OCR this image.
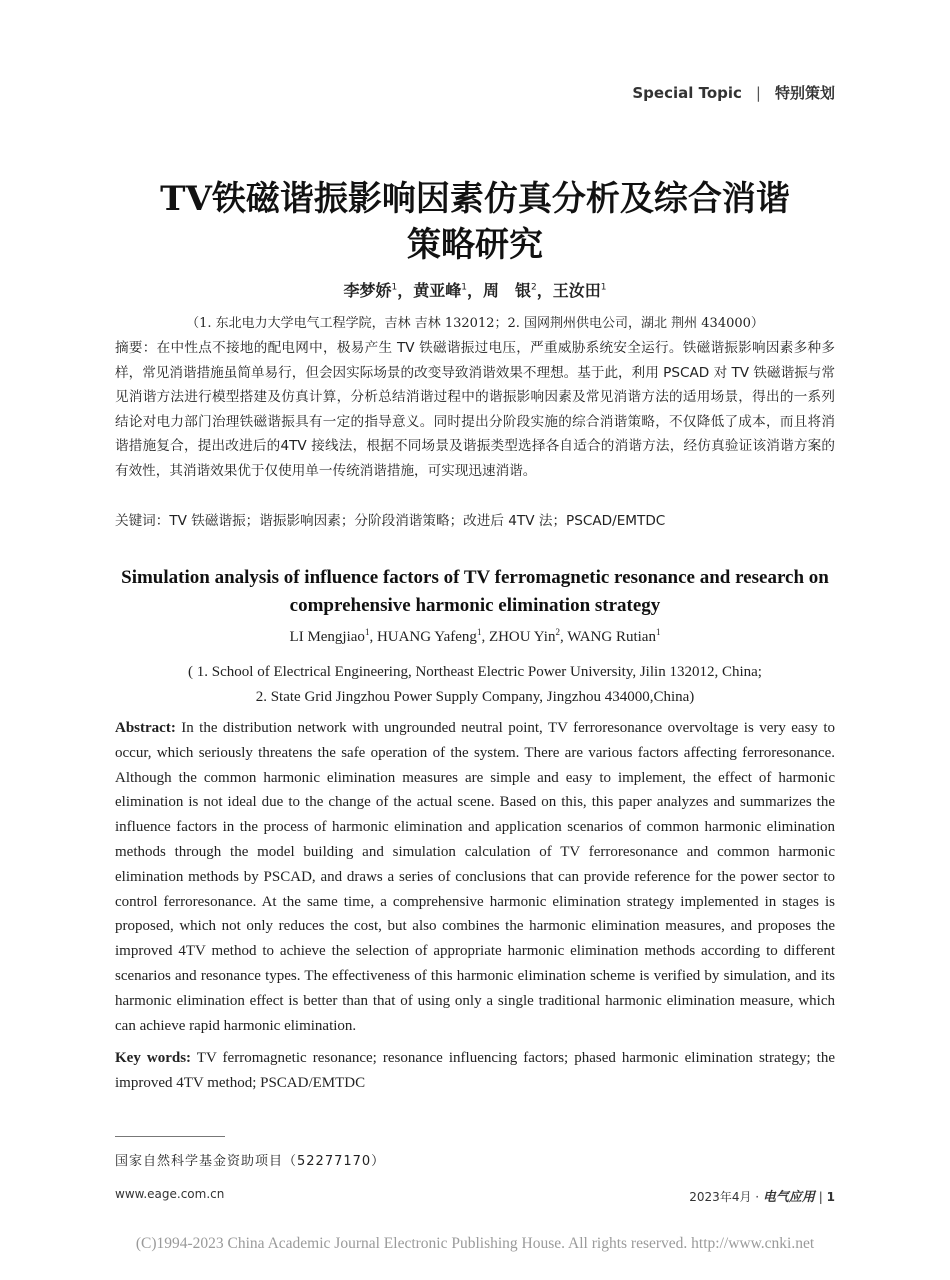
Special Topic | 特别策划
TV铁磁谐振影响因素仿真分析及综合消谐
策略研究
李梦娇$^1$，黄亚峰$^1$，周　银$^2$，王汝田$^1$
（1. 东北电力大学电气工程学院，吉林 吉林 132012；2. 国网荆州供电公司，湖北 荆州 434000）
摘要：在中性点不接地的配电网中，极易产生 TV 铁磁谐振过电压，严重威胁系统安全运行。铁磁谐振影响因素多种多样，常见消谐措施虽简单易行，但会因实际场景的改变导致消谐效果不理想。基于此，利用 PSCAD 对 TV 铁磁谐振与常见消谐方法进行模型搭建及仿真计算，分析总结消谐过程中的谐振影响因素及常见消谐方法的适用场景，得出的一系列结论对电力部门治理铁磁谐振具有一定的指导意义。同时提出分阶段实施的综合消谐策略，不仅降低了成本，而且将消谐措施复合，提出改进后的4TV 接线法，根据不同场景及谐振类型选择各自适合的消谐方法，经仿真验证该消谐方案的有效性，其消谐效果优于仅使用单一传统消谐措施，可实现迅速消谐。
关键词：TV 铁磁谐振；谐振影响因素；分阶段消谐策略；改进后 4TV 法；PSCAD/EMTDC
Simulation analysis of influence factors of TV ferromagnetic resonance and research on comprehensive harmonic elimination strategy
LI Mengjiao$^1$, HUANG Yafeng$^1$, ZHOU Yin$^2$, WANG Rutian$^1$
( 1. School of Electrical Engineering, Northeast Electric Power University, Jilin 132012, China;
2. State Grid Jingzhou Power Supply Company, Jingzhou 434000,China)
Abstract: In the distribution network with ungrounded neutral point, TV ferroresonance overvoltage is very easy to occur, which seriously threatens the safe operation of the system. There are various factors affecting ferroresonance. Although the common harmonic elimination measures are simple and easy to implement, the effect of harmonic elimination is not ideal due to the change of the actual scene. Based on this, this paper analyzes and summarizes the influence factors in the process of harmonic elimination and application scenarios of common harmonic elimination methods through the model building and simulation calculation of TV ferroresonance and common harmonic elimination methods by PSCAD, and draws a series of conclusions that can provide reference for the power sector to control ferroresonance. At the same time, a comprehensive harmonic elimination strategy implemented in stages is proposed, which not only reduces the cost, but also combines the harmonic elimination measures, and proposes the improved 4TV method to achieve the selection of appropriate harmonic elimination methods according to different scenarios and resonance types. The effectiveness of this harmonic elimination scheme is verified by simulation, and its harmonic elimination effect is better than that of using only a single traditional harmonic elimination measure, which can achieve rapid harmonic elimination.
Key words: TV ferromagnetic resonance; resonance influencing factors; phased harmonic elimination strategy; the improved 4TV method; PSCAD/EMTDC
国家自然科学基金资助项目（52277170）
www.eage.com.cn	2023年4月 · 电气应用 | 1
(C)1994-2023 China Academic Journal Electronic Publishing House. All rights reserved. http://www.cnki.net
